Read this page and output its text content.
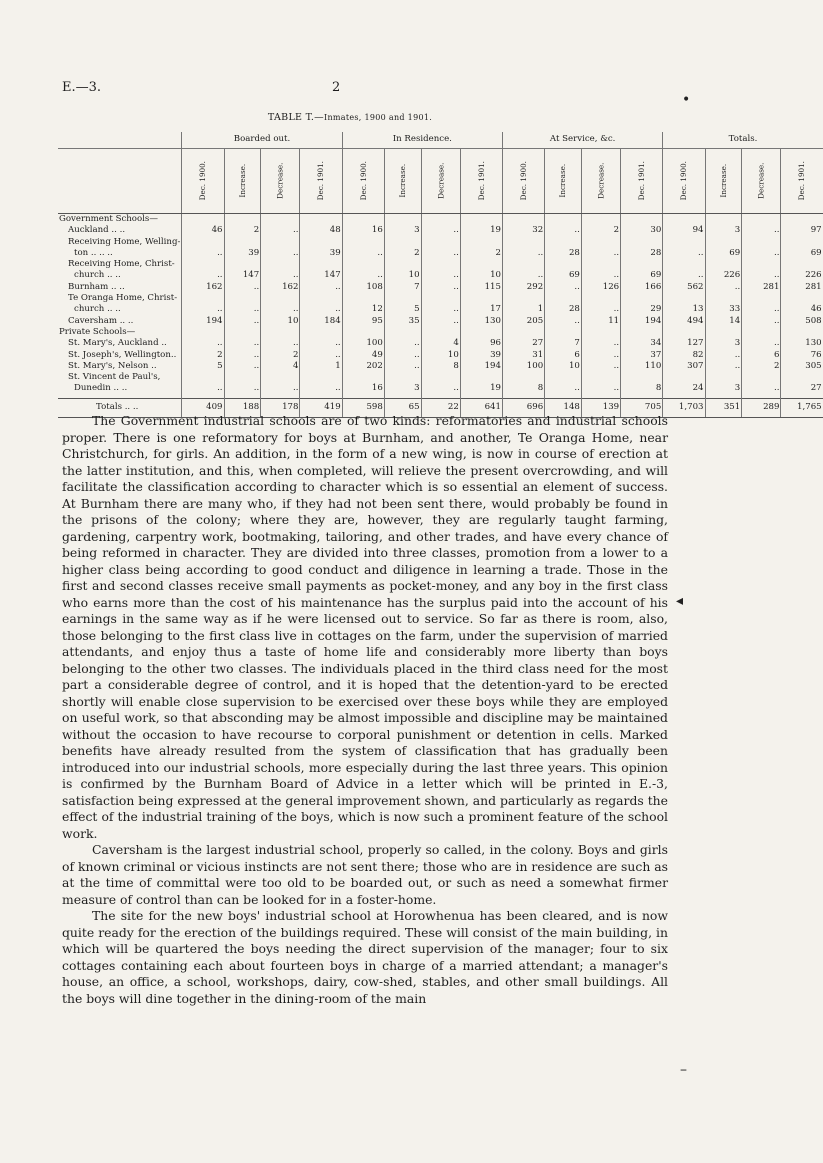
E.—3.	2
•
◂
–
TABLE T.—Inmates, 1900 and 1901.
	Boarded out.				In Residence.				At Service, &c.				Totals.			
	Dec. 1900.	Increase.	Decrease.	Dec. 1901.	Dec. 1900.	Increase.	Decrease.	Dec. 1901.	Dec. 1900.	Increase.	Decrease.	Dec. 1901.	Dec. 1900.	Increase.	Decrease.	Dec. 1901.
Government Schools—																
Auckland .. ..	46	2	..	48	16	3	..	19	32	..	2	30	94	3	..	97
Receiving Home, Welling-																
ton .. .. ..	..	39	..	39	..	2	..	2	..	28	..	28	..	69	..	69
Receiving Home, Christ-																
church .. ..	..	147	..	147	..	10	..	10	..	69	..	69	..	226	..	226
Burnham .. ..	162	..	162	..	108	7	..	115	292	..	126	166	562	..	281	281
Te Oranga Home, Christ-																
church .. ..	..	..	..	..	12	5	..	17	1	28	..	29	13	33	..	46
Caversham .. ..	194	..	10	184	95	35	..	130	205	..	11	194	494	14	..	508
Private Schools—																
St. Mary's, Auckland ..	..	..	..	..	100	..	4	96	27	7	..	34	127	3	..	130
St. Joseph's, Wellington..	2	..	2	..	49	..	10	39	31	6	..	37	82	..	6	76
St. Mary's, Nelson ..	5	..	4	1	202	..	8	194	100	10	..	110	307	..	2	305
St. Vincent de Paul's,																
Dunedin .. ..	..	..	..	..	16	3	..	19	8	..	..	8	24	3	..	27
Totals .. ..	409	188	178	419	598	65	22	641	696	148	139	705	1,703	351	289	1,765

The Government industrial schools are of two kinds: reformatories and industrial schools proper. There is one reformatory for boys at Burnham, and another, Te Oranga Home, near Christchurch, for girls. An addition, in the form of a new wing, is now in course of erection at the latter institution, and this, when completed, will relieve the present overcrowding, and will facilitate the classification according to character which is so essential an element of success. At Burnham there are many who, if they had not been sent there, would probably be found in the prisons of the colony; where they are, however, they are regularly taught farming, gardening, carpentry work, bootmaking, tailoring, and other trades, and have every chance of being reformed in character. They are divided into three classes, promotion from a lower to a higher class being according to good conduct and diligence in learning a trade. Those in the first and second classes receive small payments as pocket-money, and any boy in the first class who earns more than the cost of his maintenance has the surplus paid into the account of his earnings in the same way as if he were licensed out to service. So far as there is room, also, those belonging to the first class live in cottages on the farm, under the supervision of married attendants, and enjoy thus a taste of home life and considerably more liberty than boys belonging to the other two classes. The individuals placed in the third class need for the most part a considerable degree of control, and it is hoped that the detention-yard to be erected shortly will enable close supervision to be exercised over these boys while they are employed on useful work, so that absconding may be almost impossible and discipline may be maintained without the occasion to have recourse to corporal punishment or detention in cells. Marked benefits have already resulted from the system of classification that has gradually been introduced into our industrial schools, more especially during the last three years. This opinion is confirmed by the Burnham Board of Advice in a letter which will be printed in E.-3, satisfaction being expressed at the general improvement shown, and particularly as regards the effect of the industrial training of the boys, which is now such a prominent feature of the school work.

Caversham is the largest industrial school, properly so called, in the colony. Boys and girls of known criminal or vicious instincts are not sent there; those who are in residence are such as at the time of committal were too old to be boarded out, or such as need a somewhat firmer measure of control than can be looked for in a foster-home.

The site for the new boys' industrial school at Horowhenua has been cleared, and is now quite ready for the erection of the buildings required. These will consist of the main building, in which will be quartered the boys needing the direct supervision of the manager; four to six cottages containing each about fourteen boys in charge of a married attendant; a manager's house, an office, a school, workshops, dairy, cow-shed, stables, and other small buildings. All the boys will dine together in the dining-room of the main
